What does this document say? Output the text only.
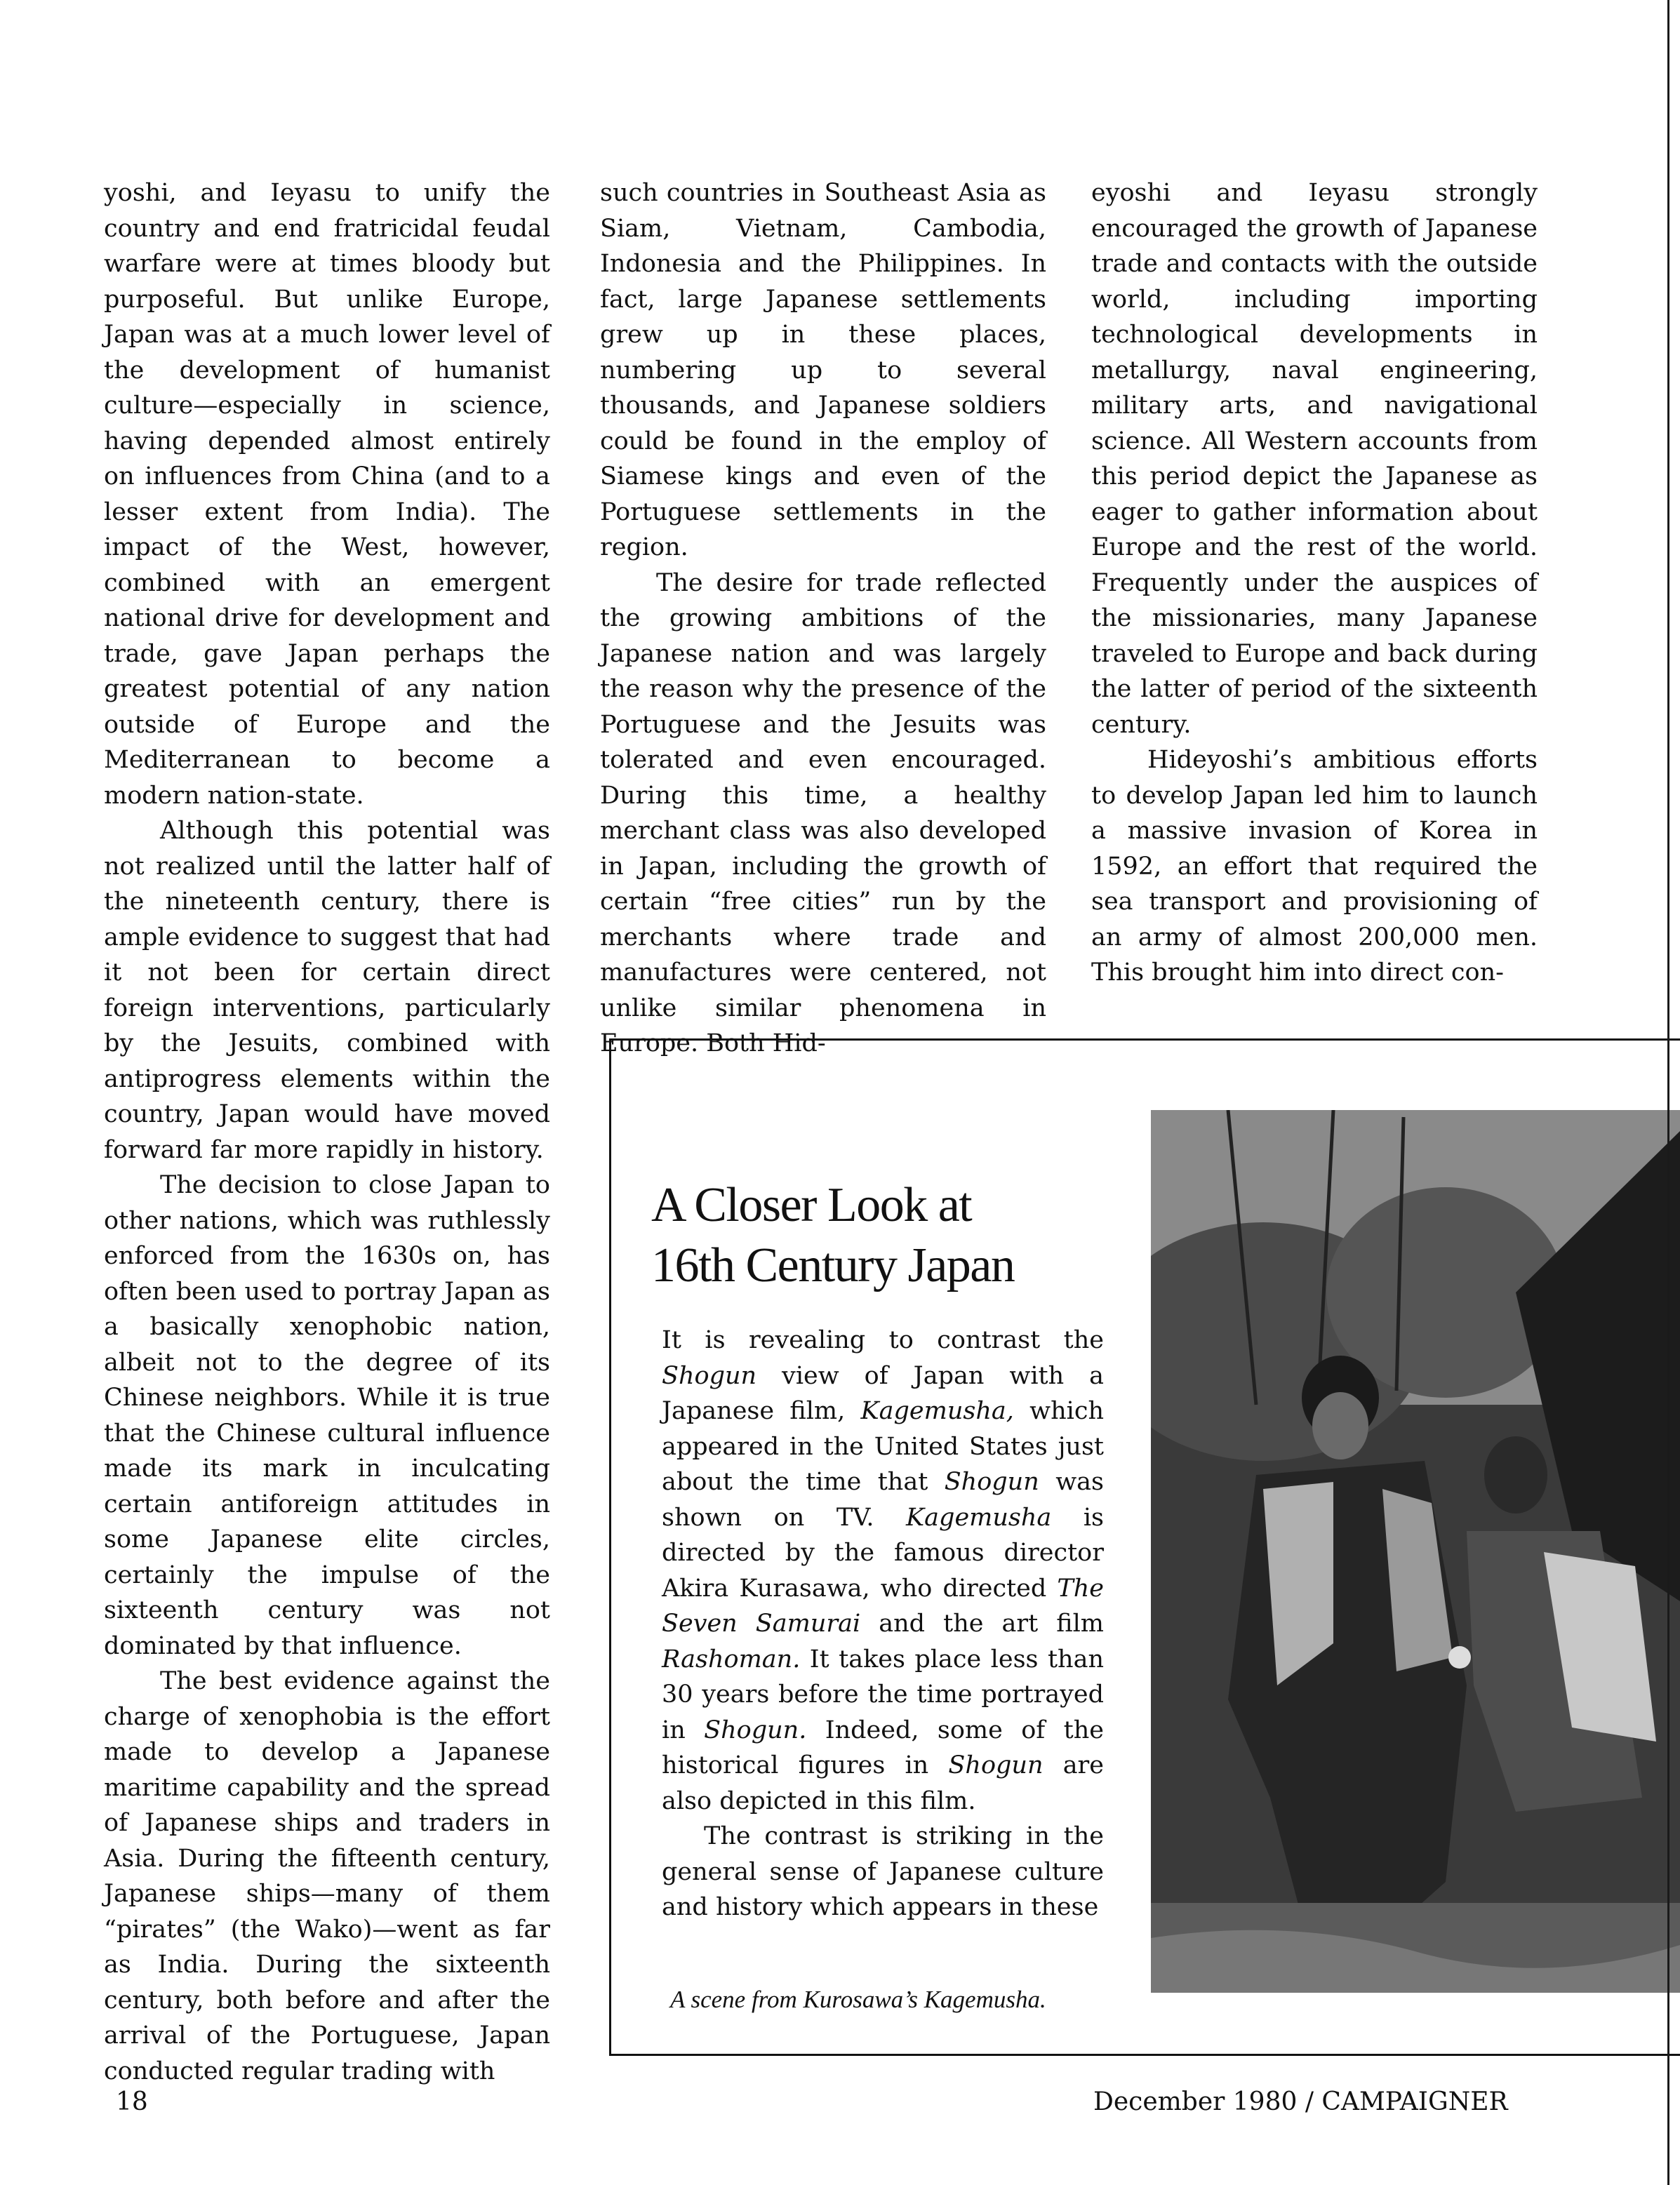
yoshi, and Ieyasu to unify the country and end fratricidal feudal warfare were at times bloody but purposeful. But unlike Europe, Japan was at a much lower level of the development of humanist culture—especially in science, having depended almost entirely on influences from China (and to a lesser extent from India). The impact of the West, however, combined with an emergent national drive for development and trade, gave Japan perhaps the greatest potential of any nation outside of Europe and the Mediterranean to become a modern nation-state.

Although this potential was not realized until the latter half of the nineteenth century, there is ample evidence to suggest that had it not been for certain direct foreign interventions, particularly by the Jesuits, combined with antiprogress elements within the country, Japan would have moved forward far more rapidly in history.

The decision to close Japan to other nations, which was ruthlessly enforced from the 1630s on, has often been used to portray Japan as a basically xenophobic nation, albeit not to the degree of its Chinese neighbors. While it is true that the Chinese cultural influence made its mark in inculcating certain antiforeign attitudes in some Japanese elite circles, certainly the impulse of the sixteenth century was not dominated by that influence.

The best evidence against the charge of xenophobia is the effort made to develop a Japanese maritime capability and the spread of Japanese ships and traders in Asia. During the fifteenth century, Japanese ships—many of them “pirates” (the Wako)—went as far as India. During the sixteenth century, both before and after the arrival of the Portuguese, Japan conducted regular trading with

such countries in Southeast Asia as Siam, Vietnam, Cambodia, Indonesia and the Philippines. In fact, large Japanese settlements grew up in these places, numbering up to several thousands, and Japanese soldiers could be found in the employ of Siamese kings and even of the Portuguese settlements in the region.

The desire for trade reflected the growing ambitions of the Japanese nation and was largely the reason why the presence of the Portuguese and the Jesuits was tolerated and even encouraged. During this time, a healthy merchant class was also developed in Japan, including the growth of certain “free cities” run by the merchants where trade and manufactures were centered, not unlike similar phenomena in Europe. Both Hid-

eyoshi and Ieyasu strongly encouraged the growth of Japanese trade and contacts with the outside world, including importing technological developments in metallurgy, naval engineering, military arts, and navigational science. All Western accounts from this period depict the Japanese as eager to gather information about Europe and the rest of the world. Frequently under the auspices of the missionaries, many Japanese traveled to Europe and back during the latter of period of the sixteenth century.

Hideyoshi’s ambitious efforts to develop Japan led him to launch a massive invasion of Korea in 1592, an effort that required the sea transport and provisioning of an army of almost 200,000 men. This brought him into direct con-

A Closer Look at
16th Century Japan

It is revealing to contrast the Shogun view of Japan with a Japanese film, Kagemusha, which appeared in the United States just about the time that Shogun was shown on TV. Kagemusha is directed by the famous director Akira Kurasawa, who directed The Seven Samurai and the art film Rashoman. It takes place less than 30 years before the time portrayed in Shogun. Indeed, some of the historical figures in Shogun are also depicted in this film.

The contrast is striking in the general sense of Japanese culture and history which appears in these

A scene from Kurosawa’s Kagemusha.
18	December 1980 / CAMPAIGNER
